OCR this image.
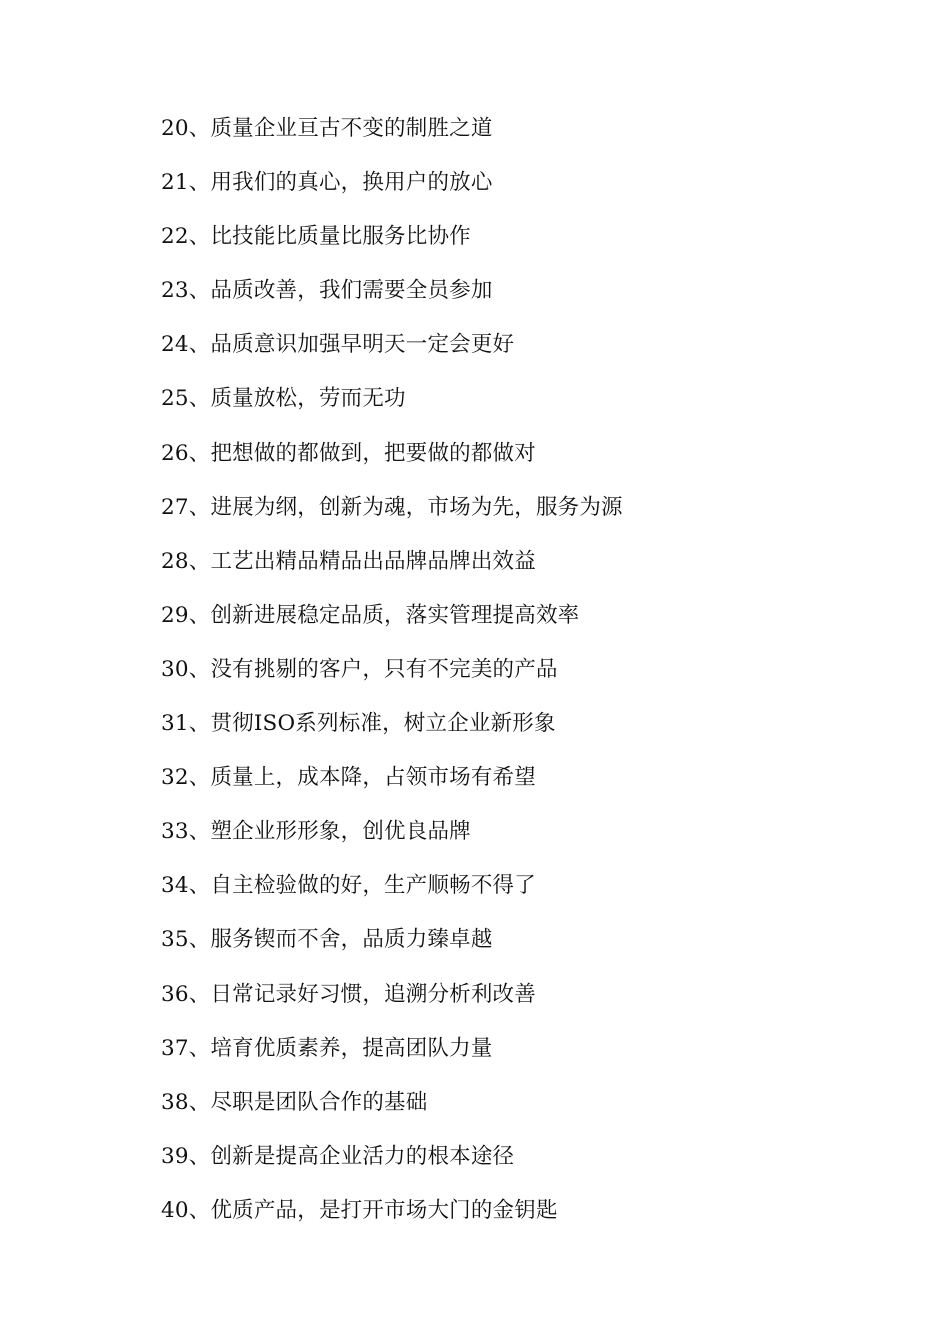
20、质量企业亘古不变的制胜之道
21、用我们的真心，换用户的放心
22、比技能比质量比服务比协作
23、品质改善，我们需要全员参加
24、品质意识加强早明天一定会更好
25、质量放松，劳而无功
26、把想做的都做到，把要做的都做对
27、进展为纲，创新为魂，市场为先，服务为源
28、工艺出精品精品出品牌品牌出效益
29、创新进展稳定品质，落实管理提高效率
30、没有挑剔的客户，只有不完美的产品
31、贯彻ISO系列标准，树立企业新形象
32、质量上，成本降，占领市场有希望
33、塑企业形形象，创优良品牌
34、自主检验做的好，生产顺畅不得了
35、服务锲而不舍，品质力臻卓越
36、日常记录好习惯，追溯分析利改善
37、培育优质素养，提高团队力量
38、尽职是团队合作的基础
39、创新是提高企业活力的根本途径
40、优质产品，是打开市场大门的金钥匙
